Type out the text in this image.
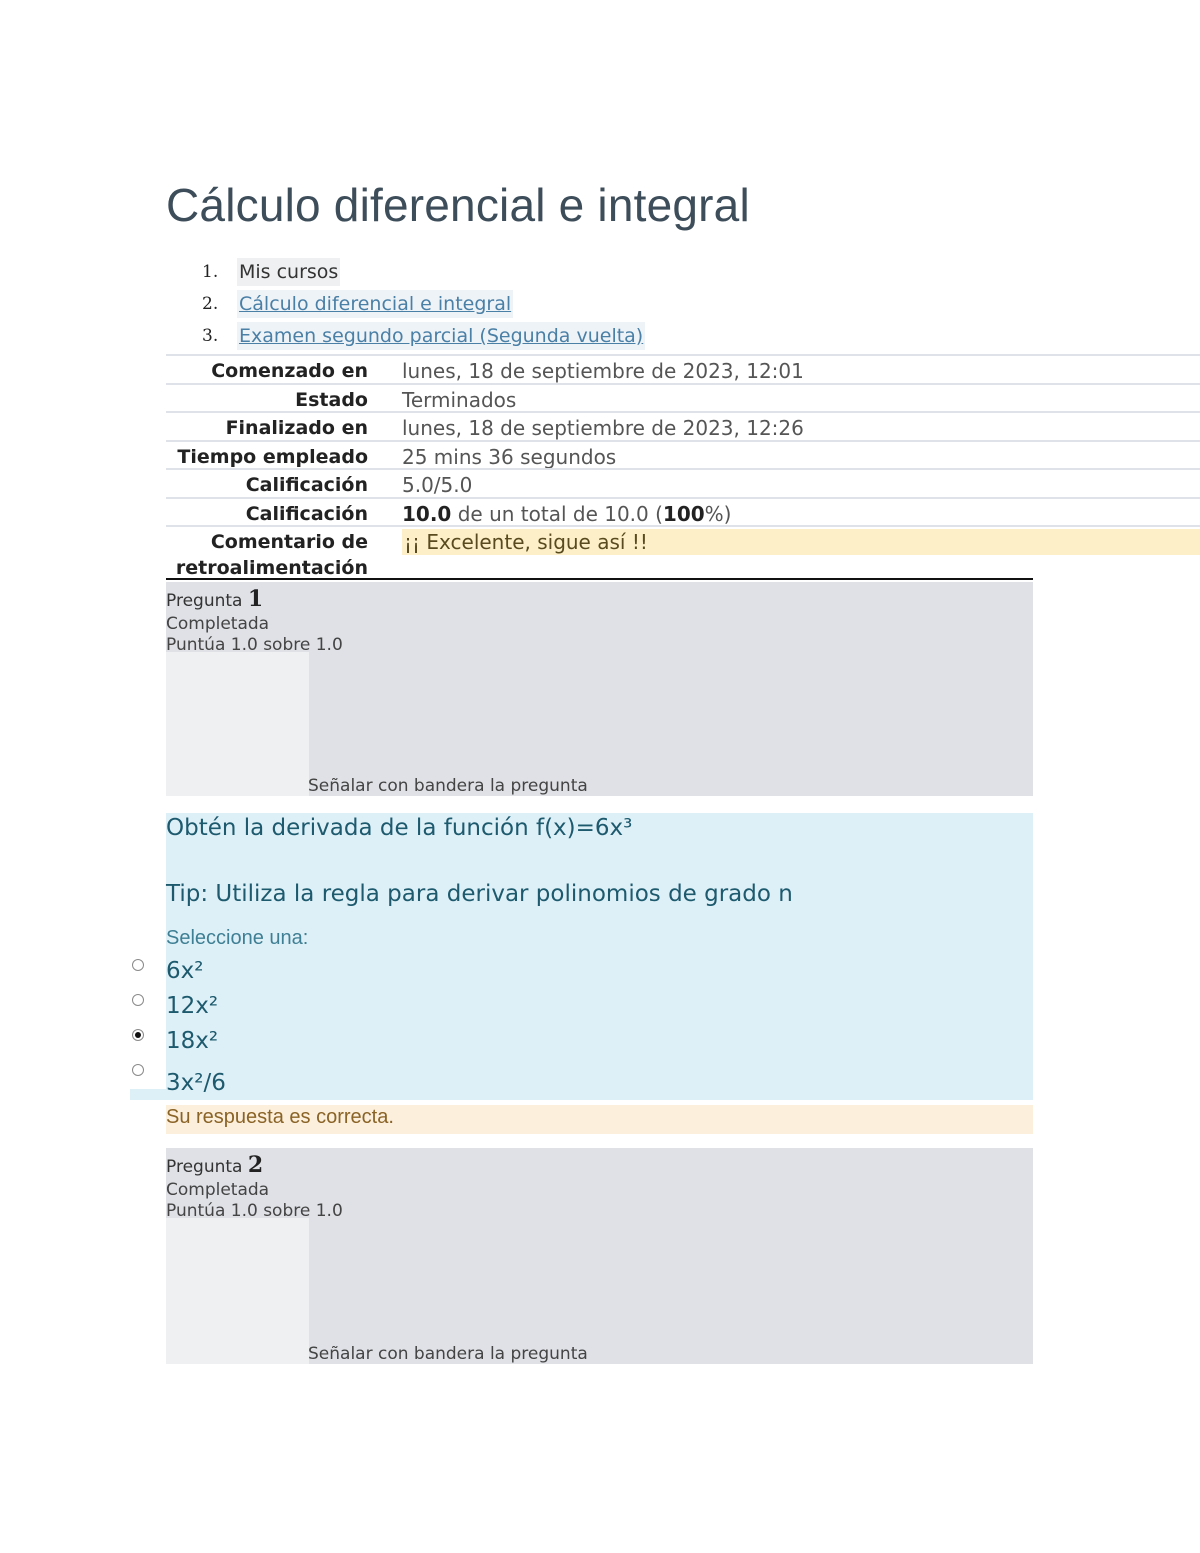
Cálculo diferencial e integral
1. Mis cursos
2. Cálculo diferencial e integral
3. Examen segundo parcial (Segunda vuelta)
Comenzado en lunes, 18 de septiembre de 2023, 12:01
Estado Terminados
Finalizado en lunes, 18 de septiembre de 2023, 12:26
Tiempo empleado 25 mins 36 segundos
Calificación 5.0/5.0
Calificación 10.0 de un total de 10.0 (100%)
Comentario de
retroalimentación
¡¡ Excelente, sigue así !!
Pregunta 1
Completada
Puntúa 1.0 sobre 1.0
Señalar con bandera la pregunta
Obtén la derivada de la función f(x)=6x³
Tip: Utiliza la regla para derivar polinomios de grado n
Seleccione una:
6x²
12x²
18x²
3x²/6
Su respuesta es correcta.
Pregunta 2
Completada
Puntúa 1.0 sobre 1.0
Señalar con bandera la pregunta
